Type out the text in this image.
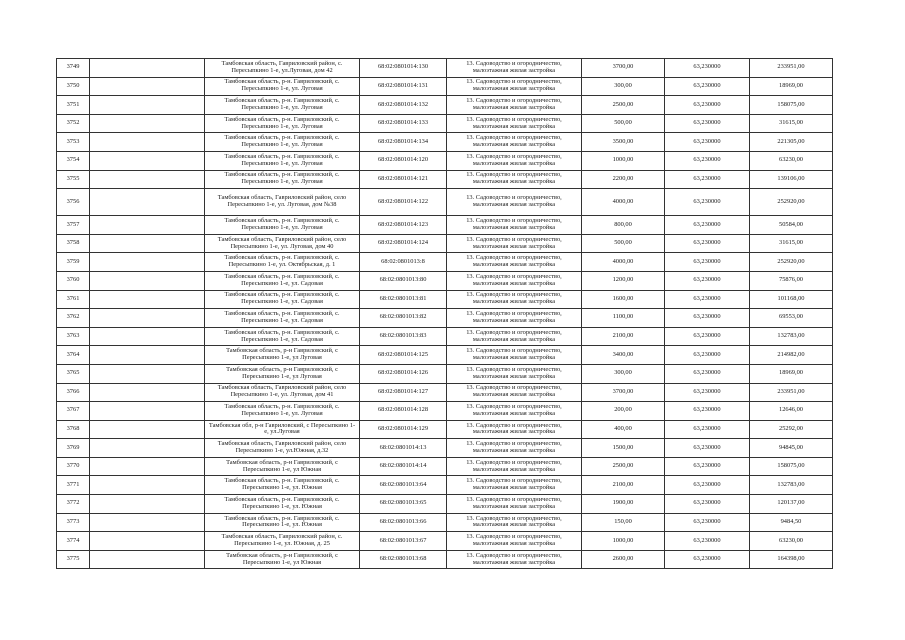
3749		Тамбовская область, Гавриловский район, с. Пересыпкино 1-е, ул.Луговая, дом 42	68:02:0801014:130	13. Садоводство и огородничество, малоэтажная жилая застройка	3700,00	63,230000	233951,00
3750		Тамбовская область, р-н. Гавриловский, с. Пересыпкино 1-е, ул. Луговая	68:02:0801014:131	13. Садоводство и огородничество, малоэтажная жилая застройка	300,00	63,230000	18969,00
3751		Тамбовская область, р-н. Гавриловский, с. Пересыпкино 1-е, ул. Луговая	68:02:0801014:132	13. Садоводство и огородничество, малоэтажная жилая застройка	2500,00	63,230000	158075,00
3752		Тамбовская область, р-н. Гавриловский, с. Пересыпкино 1-е, ул. Луговая	68:02:0801014:133	13. Садоводство и огородничество, малоэтажная жилая застройка	500,00	63,230000	31615,00
3753		Тамбовская область, р-н. Гавриловский, с. Пересыпкино 1-е, ул. Луговая	68:02:0801014:134	13. Садоводство и огородничество, малоэтажная жилая застройка	3500,00	63,230000	221305,00
3754		Тамбовская область, р-н. Гавриловский, с. Пересыпкино 1-е, ул. Луговая	68:02:0801014:120	13. Садоводство и огородничество, малоэтажная жилая застройка	1000,00	63,230000	63230,00
3755		Тамбовская область, р-н. Гавриловский, с. Пересыпкино 1-е, ул. Луговая	68:02:0801014:121	13. Садоводство и огородничество, малоэтажная жилая застройка	2200,00	63,230000	139106,00
3756		Тамбовская область, Гавриловский район, село Пересыпкино 1-е, ул. Луговая, дом №38	68:02:0801014:122	13. Садоводство и огородничество, малоэтажная жилая застройка	4000,00	63,230000	252920,00
3757		Тамбовская область, р-н. Гавриловский, с. Пересыпкино 1-е, ул. Луговая	68:02:0801014:123	13. Садоводство и огородничество, малоэтажная жилая застройка	800,00	63,230000	50584,00
3758		Тамбовская область, Гавриловский район, село Пересыпкино 1-е, ул. Луговая, дом 40	68:02:0801014:124	13. Садоводство и огородничество, малоэтажная жилая застройка	500,00	63,230000	31615,00
3759		Тамбовская область, р-н. Гавриловский, с. Пересыпкино 1-е, ул. Октябрьская, д. 1	68:02:0801013:8	13. Садоводство и огородничество, малоэтажная жилая застройка	4000,00	63,230000	252920,00
3760		Тамбовская область, р-н. Гавриловский, с. Пересыпкино 1-е, ул. Садовая	68:02:0801013:80	13. Садоводство и огородничество, малоэтажная жилая застройка	1200,00	63,230000	75876,00
3761		Тамбовская область, р-н. Гавриловский, с. Пересыпкино 1-е, ул. Садовая	68:02:0801013:81	13. Садоводство и огородничество, малоэтажная жилая застройка	1600,00	63,230000	101168,00
3762		Тамбовская область, р-н. Гавриловский, с. Пересыпкино 1-е, ул. Садовая	68:02:0801013:82	13. Садоводство и огородничество, малоэтажная жилая застройка	1100,00	63,230000	69553,00
3763		Тамбовская область, р-н. Гавриловский, с. Пересыпкино 1-е, ул. Садовая	68:02:0801013:83	13. Садоводство и огородничество, малоэтажная жилая застройка	2100,00	63,230000	132783,00
3764		Тамбовская область, р-н Гавриловский, с Пересыпкино 1-е, ул Луговая	68:02:0801014:125	13. Садоводство и огородничество, малоэтажная жилая застройка	3400,00	63,230000	214982,00
3765		Тамбовская область, р-н Гавриловский, с Пересыпкино 1-е, ул Луговая	68:02:0801014:126	13. Садоводство и огородничество, малоэтажная жилая застройка	300,00	63,230000	18969,00
3766		Тамбовская область, Гавриловский район, село Пересыпкино 1-е, ул. Луговая, дом 41	68:02:0801014:127	13. Садоводство и огородничество, малоэтажная жилая застройка	3700,00	63,230000	233951,00
3767		Тамбовская область, р-н. Гавриловский, с. Пересыпкино 1-е, ул. Луговая	68:02:0801014:128	13. Садоводство и огородничество, малоэтажная жилая застройка	200,00	63,230000	12646,00
3768		Тамбовская обл, р-н Гавриловский, с Пересыпкино 1-е, ул.Луговая	68:02:0801014:129	13. Садоводство и огородничество, малоэтажная жилая застройка	400,00	63,230000	25292,00
3769		Тамбовская область, Гавриловский район, село Пересыпкино 1-е, ул.Южная, д.32	68:02:0801014:13	13. Садоводство и огородничество, малоэтажная жилая застройка	1500,00	63,230000	94845,00
3770		Тамбовская область, р-н Гавриловский, с Пересыпкино 1-е, ул Южная	68:02:0801014:14	13. Садоводство и огородничество, малоэтажная жилая застройка	2500,00	63,230000	158075,00
3771		Тамбовская область, р-н. Гавриловский, с. Пересыпкино 1-е, ул. Южная	68:02:0801013:64	13. Садоводство и огородничество, малоэтажная жилая застройка	2100,00	63,230000	132783,00
3772		Тамбовская область, р-н. Гавриловский, с. Пересыпкино 1-е, ул. Южная	68:02:0801013:65	13. Садоводство и огородничество, малоэтажная жилая застройка	1900,00	63,230000	120137,00
3773		Тамбовская область, р-н. Гавриловский, с. Пересыпкино 1-е, ул. Южная	68:02:0801013:66	13. Садоводство и огородничество, малоэтажная жилая застройка	150,00	63,230000	9484,50
3774		Тамбовская область, Гавриловский район, с. Пересыпкино 1-е, ул. Южная, д. 25	68:02:0801013:67	13. Садоводство и огородничество, малоэтажная жилая застройка	1000,00	63,230000	63230,00
3775		Тамбовская область, р-н Гавриловский, с Пересыпкино 1-е, ул Южная	68:02:0801013:68	13. Садоводство и огородничество, малоэтажная жилая застройка	2600,00	63,230000	164398,00
